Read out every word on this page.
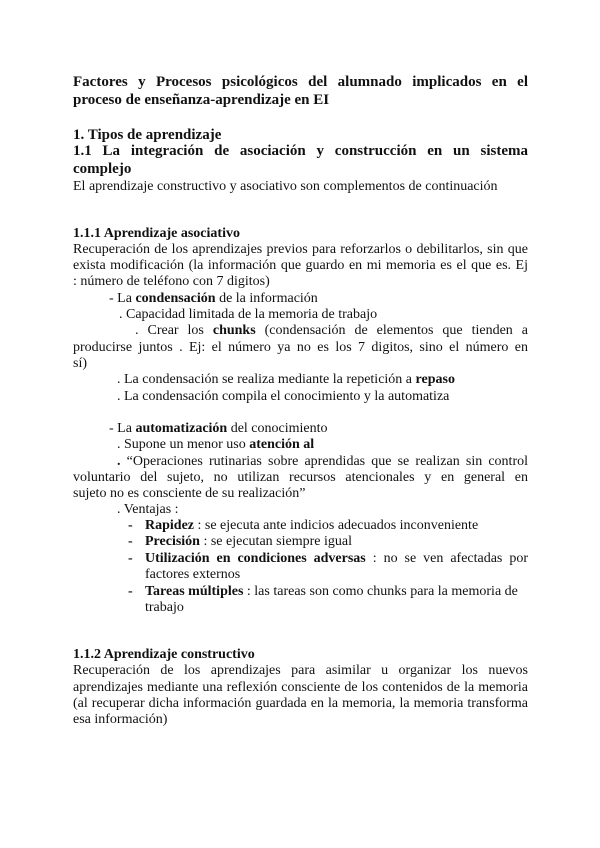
Factores y Procesos psicológicos del alumnado implicados en el
proceso de enseñanza-aprendizaje en EI
1. Tipos de aprendizaje
1.1 La integración de asociación y construcción en un sistema
complejo
El aprendizaje constructivo y asociativo son complementos de continuación
1.1.1 Aprendizaje asociativo
Recuperación de los aprendizajes previos para reforzarlos o debilitarlos, sin que
exista modificación (la información que guardo en mi memoria es el que es. Ej
: número de teléfono con 7 digitos)
- La condensación de la información
. Capacidad limitada de la memoria de trabajo
. Crear los chunks (condensación de elementos que tienden a
producirse juntos . Ej: el número ya no es los 7 digitos, sino el número en
sí)
. La condensación se realiza mediante la repetición a repaso
. La condensación compila el conocimiento y la automatiza
- La automatización del conocimiento
. Supone un menor uso atención al
. “Operaciones rutinarias sobre aprendidas que se realizan sin control
voluntario del sujeto, no utilizan recursos atencionales y en general en
sujeto no es consciente de su realización”
. Ventajas :
- Rapidez : se ejecuta ante indicios adecuados inconveniente
- Precisión : se ejecutan siempre igual
- Utilización en condiciones adversas : no se ven afectadas por
factores externos
- Tareas múltiples : las tareas son como chunks para la memoria de
trabajo
1.1.2 Aprendizaje constructivo
Recuperación de los aprendizajes para asimilar u organizar los nuevos
aprendizajes mediante una reflexión consciente de los contenidos de la memoria
(al recuperar dicha información guardada en la memoria, la memoria transforma
esa información)
